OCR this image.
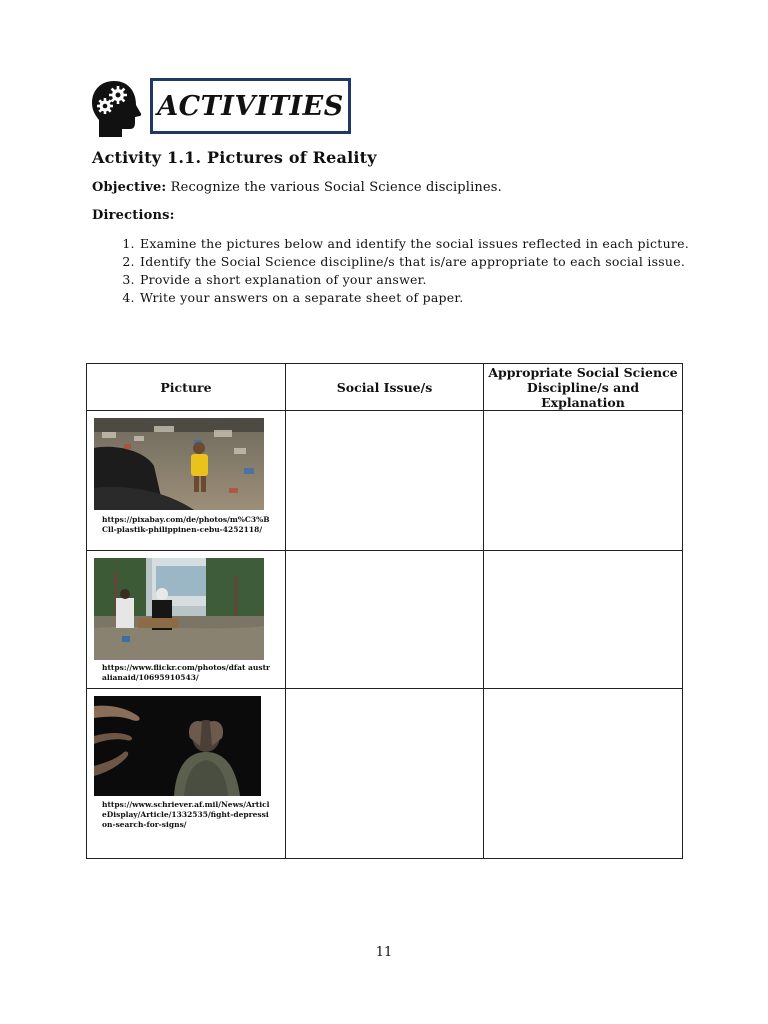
ACTIVITIES
Activity 1.1. Pictures of Reality
Objective: Recognize the various Social Science disciplines.
Directions:
1. Examine the pictures below and identify the social issues reflected in each picture.
2. Identify the Social Science discipline/s that is/are appropriate to each social issue.
3. Provide a short explanation of your answer.
4. Write your answers on a separate sheet of paper.
Picture	Social Issue/s	Appropriate Social Science Discipline/s and Explanation

https://pixabay.com/de/photos/m%C3%BCll-plastik-philippinen-cebu-4252118/		

https://www.flickr.com/photos/dfat australianaid/10695910543/		

https://www.schriever.af.mil/News/ArticleDisplay/Article/1332535/fight-depression-search-for-signs/		

11
